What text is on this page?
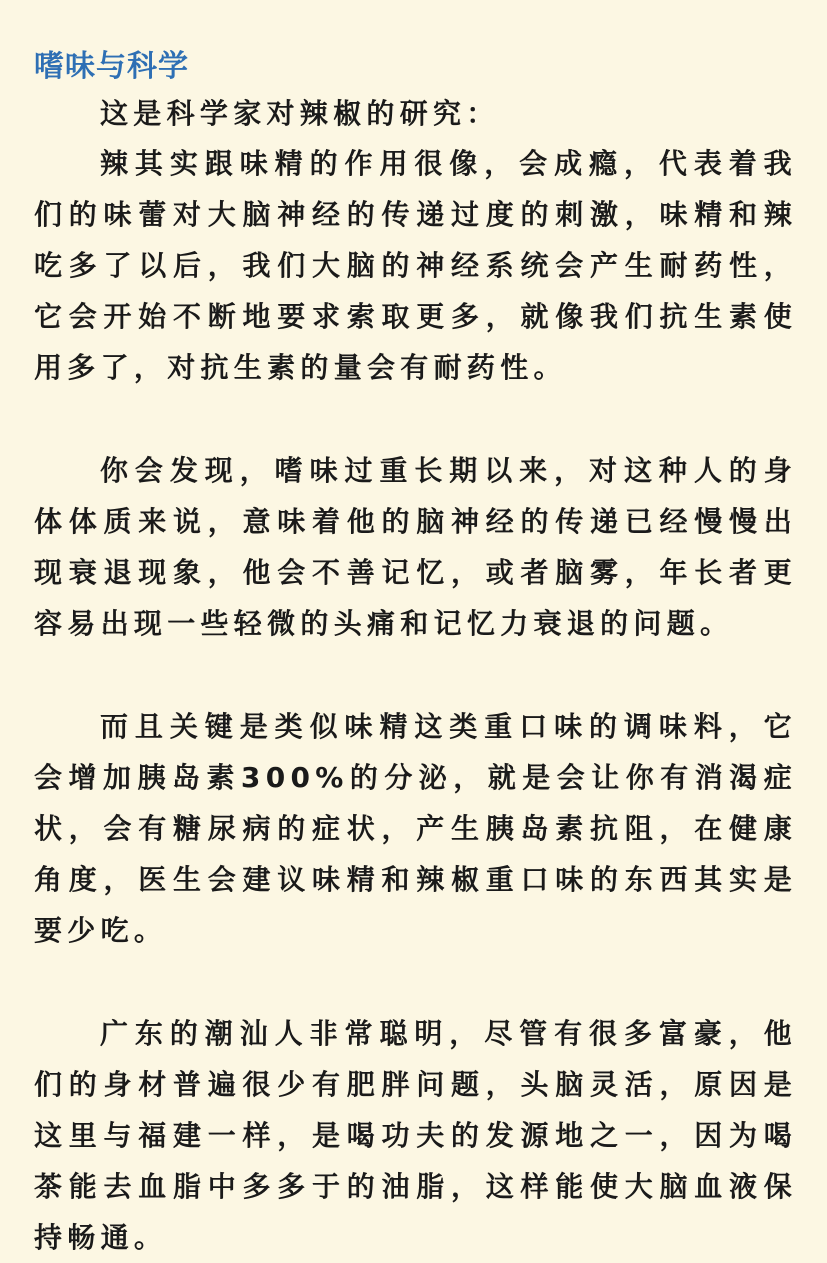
嗜味与科学

这是科学家对辣椒的研究：

辣其实跟味精的作用很像，会成瘾，代表着我们的味蕾对大脑神经的传递过度的刺激，味精和辣吃多了以后，我们大脑的神经系统会产生耐药性，它会开始不断地要求索取更多，就像我们抗生素使用多了，对抗生素的量会有耐药性。

你会发现，嗜味过重长期以来，对这种人的身体体质来说，意味着他的脑神经的传递已经慢慢出现衰退现象，他会不善记忆，或者脑雾，年长者更容易出现一些轻微的头痛和记忆力衰退的问题。

而且关键是类似味精这类重口味的调味料，它会增加胰岛素300%的分泌，就是会让你有消渴症状，会有糖尿病的症状，产生胰岛素抗阻，在健康角度，医生会建议味精和辣椒重口味的东西其实是要少吃。

广东的潮汕人非常聪明，尽管有很多富豪，他们的身材普遍很少有肥胖问题，头脑灵活，原因是这里与福建一样，是喝功夫的发源地之一，因为喝茶能去血脂中多多于的油脂，这样能使大脑血液保持畅通。
